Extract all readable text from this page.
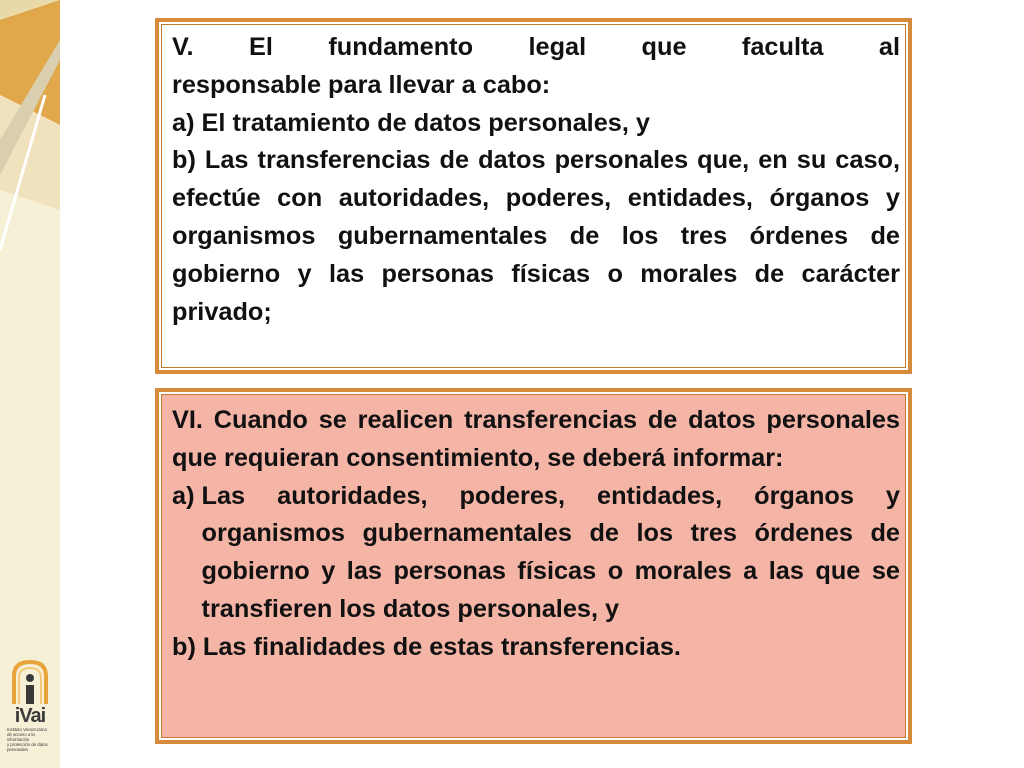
iVai
Instituto Veracruzano
de acceso a la información
y protección de datos personales

V. El fundamento legal que faculta al

responsable para llevar a cabo:

a) El tratamiento de datos personales, y

b) Las transferencias de datos personales que, en su caso, efectúe con autoridades, poderes, entidades, órganos y organismos gubernamentales de los tres órdenes de gobierno y las personas físicas o morales de carácter privado;

VI. Cuando se realicen transferencias de datos personales que requieran consentimiento, se deberá informar:

a) Las autoridades, poderes, entidades, órganos y organismos gubernamentales de los tres órdenes de gobierno y las personas físicas o morales a las que se transfieren los datos personales, y

b) Las finalidades de estas transferencias.
